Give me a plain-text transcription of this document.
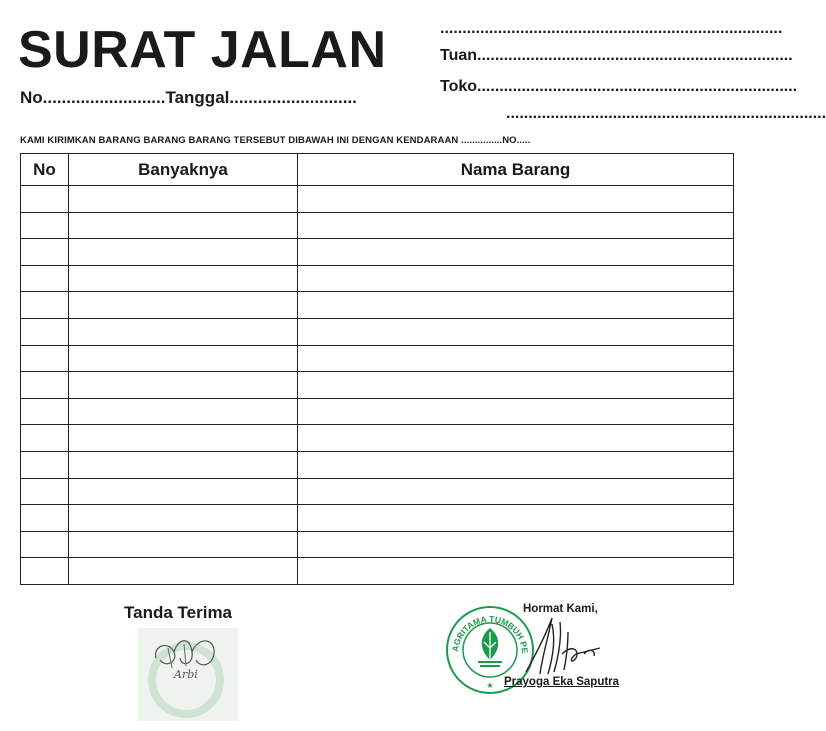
SURAT JALAN
No..........................Tanggal...........................
.............................................................................
Tuan.......................................................................
Toko........................................................................
........................................................................
KAMI KIRIMKAN BARANG BARANG BARANG TERSEBUT DIBAWAH INI DENGAN KENDARAAN ...............NO.....
No	Banyaknya	Nama Barang

Tanda Terima
Arbi
AGRITAMA TUMBUH PE
★
Hormat Kami,
Prayoga Eka Saputra
